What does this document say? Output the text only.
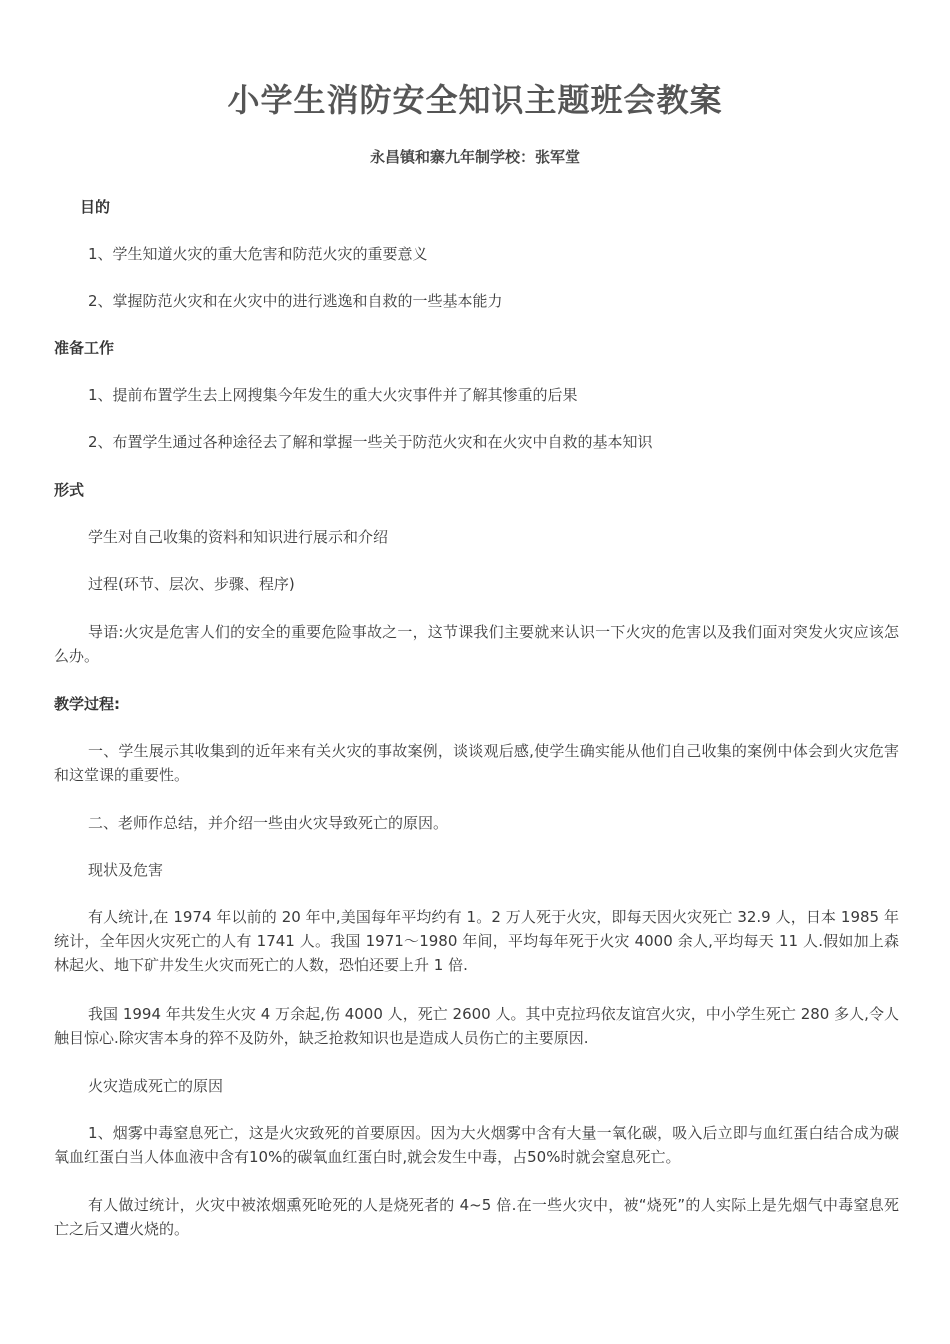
小学生消防安全知识主题班会教案
永昌镇和寨九年制学校：张军堂
目的
1、学生知道火灾的重大危害和防范火灾的重要意义
2、掌握防范火灾和在火灾中的进行逃逸和自救的一些基本能力
准备工作
1、提前布置学生去上网搜集今年发生的重大火灾事件并了解其惨重的后果
2、布置学生通过各种途径去了解和掌握一些关于防范火灾和在火灾中自救的基本知识
形式
学生对自己收集的资料和知识进行展示和介绍
过程(环节、层次、步骤、程序)
导语:火灾是危害人们的安全的重要危险事故之一，这节课我们主要就来认识一下火灾的危害以及我们面对突发火灾应该怎么办。
教学过程:
一、学生展示其收集到的近年来有关火灾的事故案例，谈谈观后感,使学生确实能从他们自己收集的案例中体会到火灾危害和这堂课的重要性。
二、老师作总结，并介绍一些由火灾导致死亡的原因。
现状及危害
有人统计,在 1974 年以前的 20 年中,美国每年平均约有 1。2 万人死于火灾，即每天因火灾死亡 32.9 人，日本 1985 年统计，全年因火灾死亡的人有 1741 人。我国 1971～1980 年间，平均每年死于火灾 4000 余人,平均每天 11 人.假如加上森林起火、地下矿井发生火灾而死亡的人数，恐怕还要上升 1 倍.
我国 1994 年共发生火灾 4 万余起,伤 4000 人，死亡 2600 人。其中克拉玛依友谊宫火灾，中小学生死亡 280 多人,令人触目惊心.除灾害本身的猝不及防外，缺乏抢救知识也是造成人员伤亡的主要原因.
火灾造成死亡的原因
1、烟雾中毒窒息死亡，这是火灾致死的首要原因。因为大火烟雾中含有大量一氧化碳，吸入后立即与血红蛋白结合成为碳氧血红蛋白当人体血液中含有10%的碳氧血红蛋白时,就会发生中毒，占50%时就会窒息死亡。
有人做过统计，火灾中被浓烟熏死呛死的人是烧死者的 4~5 倍.在一些火灾中，被“烧死”的人实际上是先烟气中毒窒息死亡之后又遭火烧的。
